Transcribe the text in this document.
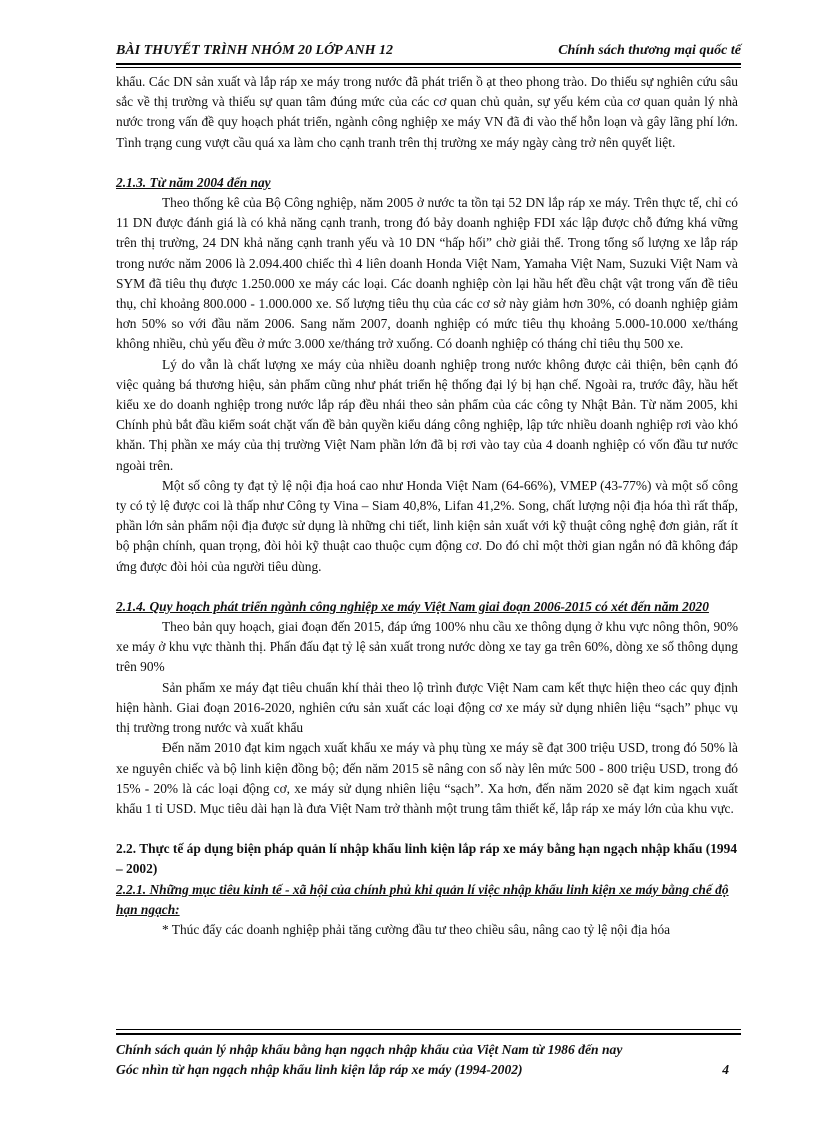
BÀI THUYẾT TRÌNH NHÓM 20 LỚP ANH 12	Chính sách thương mại quốc tế

khẩu. Các DN sản xuất và lắp ráp xe máy trong nước đã phát triển ồ ạt theo phong trào. Do thiếu sự nghiên cứu sâu sắc về thị trường và thiếu sự quan tâm đúng mức của các cơ quan chủ quản, sự yếu kém của cơ quan quản lý nhà nước trong vấn đề quy hoạch phát triển, ngành công nghiệp xe máy VN đã đi vào thế hỗn loạn và gây lãng phí lớn. Tình trạng cung vượt cầu quá xa làm cho cạnh tranh trên thị trường xe máy ngày càng trở nên quyết liệt.

2.1.3. Từ năm 2004 đến nay

Theo thống kê của Bộ Công nghiệp, năm 2005 ở nước ta tồn tại 52 DN lắp ráp xe máy. Trên thực tế, chỉ có 11 DN được đánh giá là có khả năng cạnh tranh, trong đó bảy doanh nghiệp FDI xác lập được chỗ đứng khá vững trên thị trường, 24 DN khả năng cạnh tranh yếu và 10 DN “hấp hối” chờ giải thể. Trong tổng số lượng xe lắp ráp trong nước năm 2006 là 2.094.400 chiếc thì 4 liên doanh Honda Việt Nam, Yamaha Việt Nam, Suzuki Việt Nam và SYM đã tiêu thụ được 1.250.000 xe máy các loại. Các doanh nghiệp còn lại hầu hết đều chật vật trong vấn đề tiêu thụ, chỉ khoảng 800.000 - 1.000.000 xe. Số lượng tiêu thụ của các cơ sở này giảm hơn 30%, có doanh nghiệp giảm hơn 50% so với đầu năm 2006. Sang năm 2007, doanh nghiệp có mức tiêu thụ khoảng 5.000-10.000 xe/tháng không nhiều, chủ yếu đều ở mức 3.000 xe/tháng trở xuống. Có doanh nghiệp có tháng chỉ tiêu thụ 500 xe.

Lý do vẫn là chất lượng xe máy của nhiều doanh nghiệp trong nước không được cải thiện, bên cạnh đó việc quảng bá thương hiệu, sản phẩm cũng như phát triển hệ thống đại lý bị hạn chế. Ngoài ra, trước đây, hầu hết kiểu xe do doanh nghiệp trong nước lắp ráp đều nhái theo sản phẩm của các công ty Nhật Bản. Từ năm 2005, khi Chính phủ bắt đầu kiểm soát chặt vấn đề bản quyền kiểu dáng công nghiệp, lập tức nhiều doanh nghiệp rơi vào khó khăn. Thị phần xe máy của thị trường Việt Nam phần lớn đã bị rơi vào tay của 4 doanh nghiệp có vốn đầu tư nước ngoài trên.

Một số công ty đạt tỷ lệ nội địa hoá cao như Honda Việt Nam (64-66%), VMEP (43-77%) và một số công ty có tỷ lệ được coi là thấp như Công ty Vina – Siam 40,8%, Lifan 41,2%. Song, chất lượng nội địa hóa thì rất thấp, phần lớn sản phẩm nội địa được sử dụng là những chi tiết, linh kiện sản xuất với kỹ thuật công nghệ đơn giản, rất ít bộ phận chính, quan trọng, đòi hỏi kỹ thuật cao thuộc cụm động cơ. Do đó chỉ một thời gian ngắn nó đã không đáp ứng được đòi hỏi của người tiêu dùng.

2.1.4. Quy hoạch phát triển ngành công nghiệp xe máy Việt Nam giai đoạn 2006-2015 có xét đến năm 2020

Theo bản quy hoạch, giai đoạn đến 2015, đáp ứng 100% nhu cầu xe thông dụng ở khu vực nông thôn, 90% xe máy ở khu vực thành thị. Phấn đấu đạt tỷ lệ sản xuất trong nước dòng xe tay ga trên 60%, dòng xe số thông dụng trên 90%

Sản phẩm xe máy đạt tiêu chuẩn khí thải theo lộ trình được Việt Nam cam kết thực hiện theo các quy định hiện hành. Giai đoạn 2016-2020, nghiên cứu sản xuất các loại động cơ xe máy sử dụng nhiên liệu “sạch” phục vụ thị trường trong nước và xuất khẩu

Đến năm 2010 đạt kim ngạch xuất khẩu xe máy và phụ tùng xe máy sẽ đạt 300 triệu USD, trong đó 50% là xe nguyên chiếc và bộ linh kiện đồng bộ; đến năm 2015 sẽ nâng con số này lên mức 500 - 800 triệu USD, trong đó 15% - 20% là các loại động cơ, xe máy sử dụng nhiên liệu “sạch”. Xa hơn, đến năm 2020 sẽ đạt kim ngạch xuất khẩu 1 tỉ USD. Mục tiêu dài hạn là đưa Việt Nam trở thành một trung tâm thiết kế, lắp ráp xe máy lớn của khu vực.

2.2. Thực tế áp dụng biện pháp quản lí nhập khẩu linh kiện lắp ráp xe máy bằng hạn ngạch nhập khẩu (1994 – 2002)
2.2.1. Những mục tiêu kinh tế - xã hội của chính phủ khi quản lí việc nhập khẩu linh kiện xe máy bằng chế độ hạn ngạch:

* Thúc đẩy các doanh nghiệp phải tăng cường đầu tư theo chiều sâu, nâng cao tỷ lệ nội địa hóa

Chính sách quản lý nhập khẩu bằng hạn ngạch nhập khẩu của Việt Nam từ 1986 đến nay
Góc nhìn từ hạn ngạch nhập khẩu linh kiện lắp ráp xe máy (1994-2002)	4
